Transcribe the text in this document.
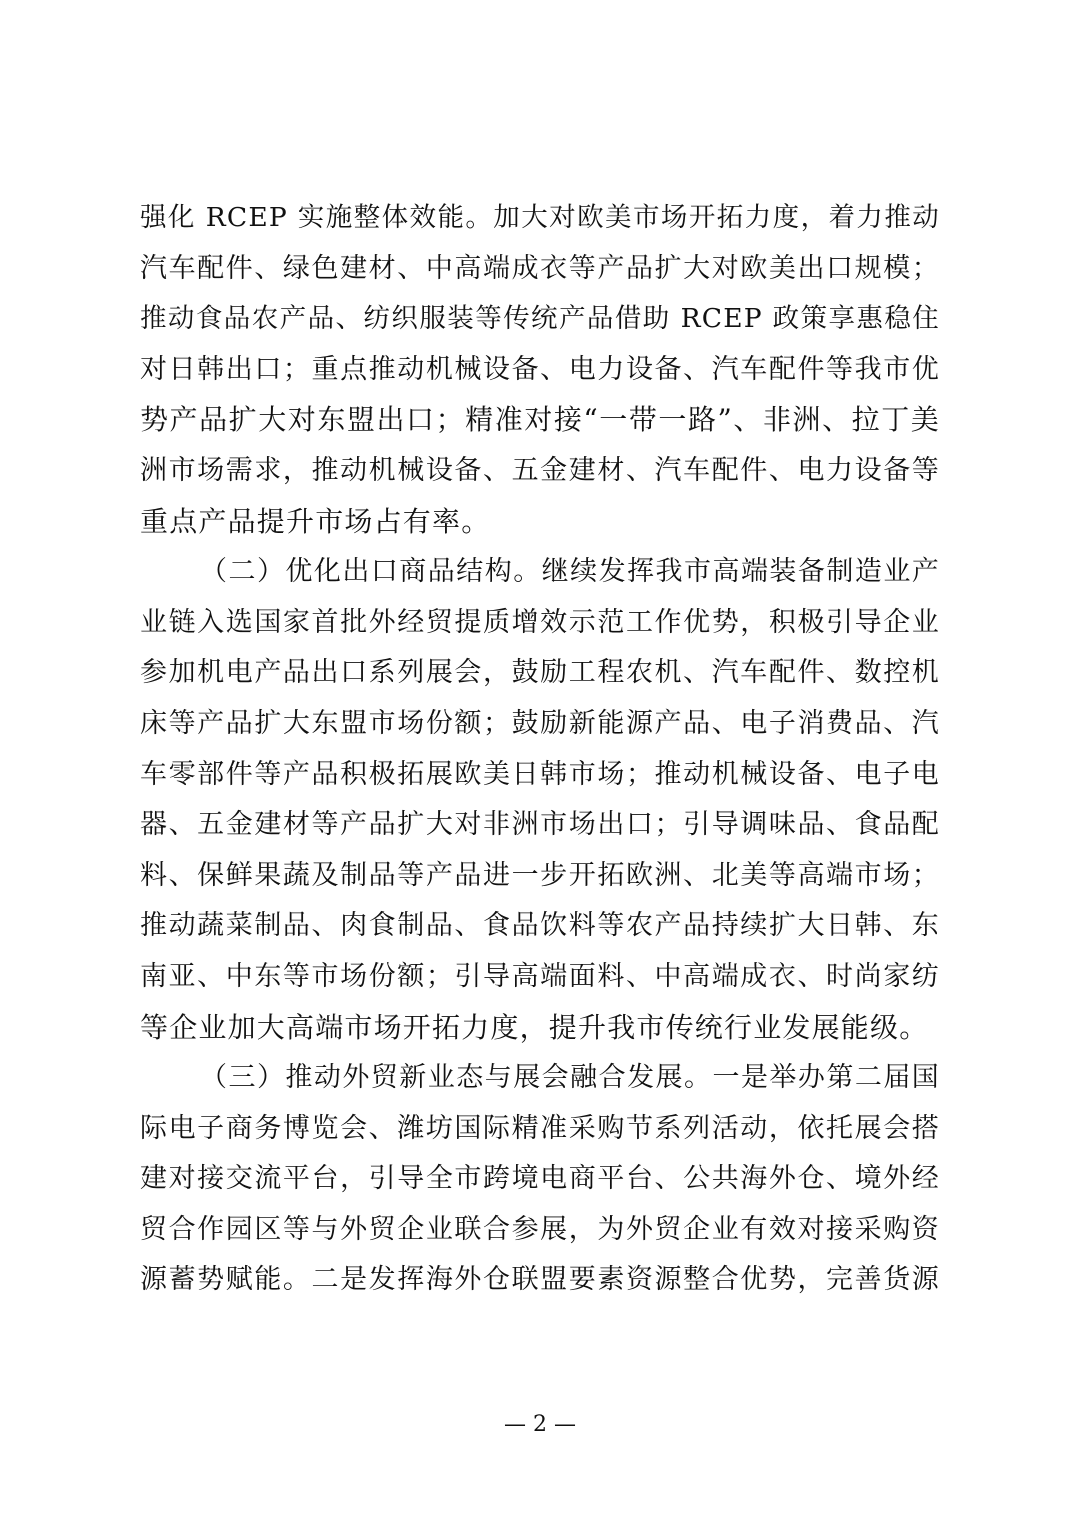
强化 RCEP 实施整体效能。加大对欧美市场开拓力度，着力推动
汽车配件、绿色建材、中高端成衣等产品扩大对欧美出口规模；
推动食品农产品、纺织服装等传统产品借助 RCEP 政策享惠稳住
对日韩出口；重点推动机械设备、电力设备、汽车配件等我市优
势产品扩大对东盟出口；精准对接“一带一路”、非洲、拉丁美
洲市场需求，推动机械设备、五金建材、汽车配件、电力设备等
重点产品提升市场占有率。
（二）优化出口商品结构。继续发挥我市高端装备制造业产
业链入选国家首批外经贸提质增效示范工作优势，积极引导企业
参加机电产品出口系列展会，鼓励工程农机、汽车配件、数控机
床等产品扩大东盟市场份额；鼓励新能源产品、电子消费品、汽
车零部件等产品积极拓展欧美日韩市场；推动机械设备、电子电
器、五金建材等产品扩大对非洲市场出口；引导调味品、食品配
料、保鲜果蔬及制品等产品进一步开拓欧洲、北美等高端市场；
推动蔬菜制品、肉食制品、食品饮料等农产品持续扩大日韩、东
南亚、中东等市场份额；引导高端面料、中高端成衣、时尚家纺
等企业加大高端市场开拓力度，提升我市传统行业发展能级。
（三）推动外贸新业态与展会融合发展。一是举办第二届国
际电子商务博览会、潍坊国际精准采购节系列活动，依托展会搭
建对接交流平台，引导全市跨境电商平台、公共海外仓、境外经
贸合作园区等与外贸企业联合参展，为外贸企业有效对接采购资
源蓄势赋能。二是发挥海外仓联盟要素资源整合优势，完善货源
— 2 —
